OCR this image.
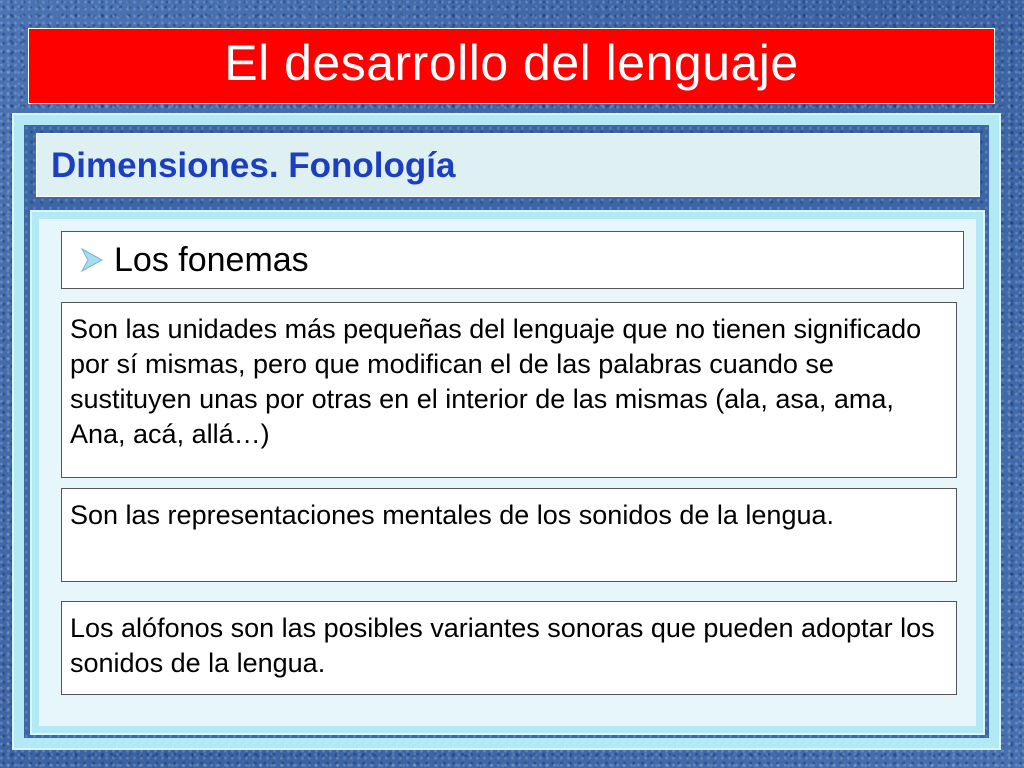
El desarrollo del lenguaje
Dimensiones. Fonología
Los fonemas
Son las unidades más pequeñas del lenguaje que no tienen significado por sí mismas, pero que modifican el de las palabras cuando se sustituyen unas por otras en el interior de las mismas (ala, asa, ama, Ana, acá, allá…)
Son las representaciones mentales de los sonidos de la lengua.
Los alófonos son las posibles variantes sonoras que pueden adoptar los sonidos de la lengua.
